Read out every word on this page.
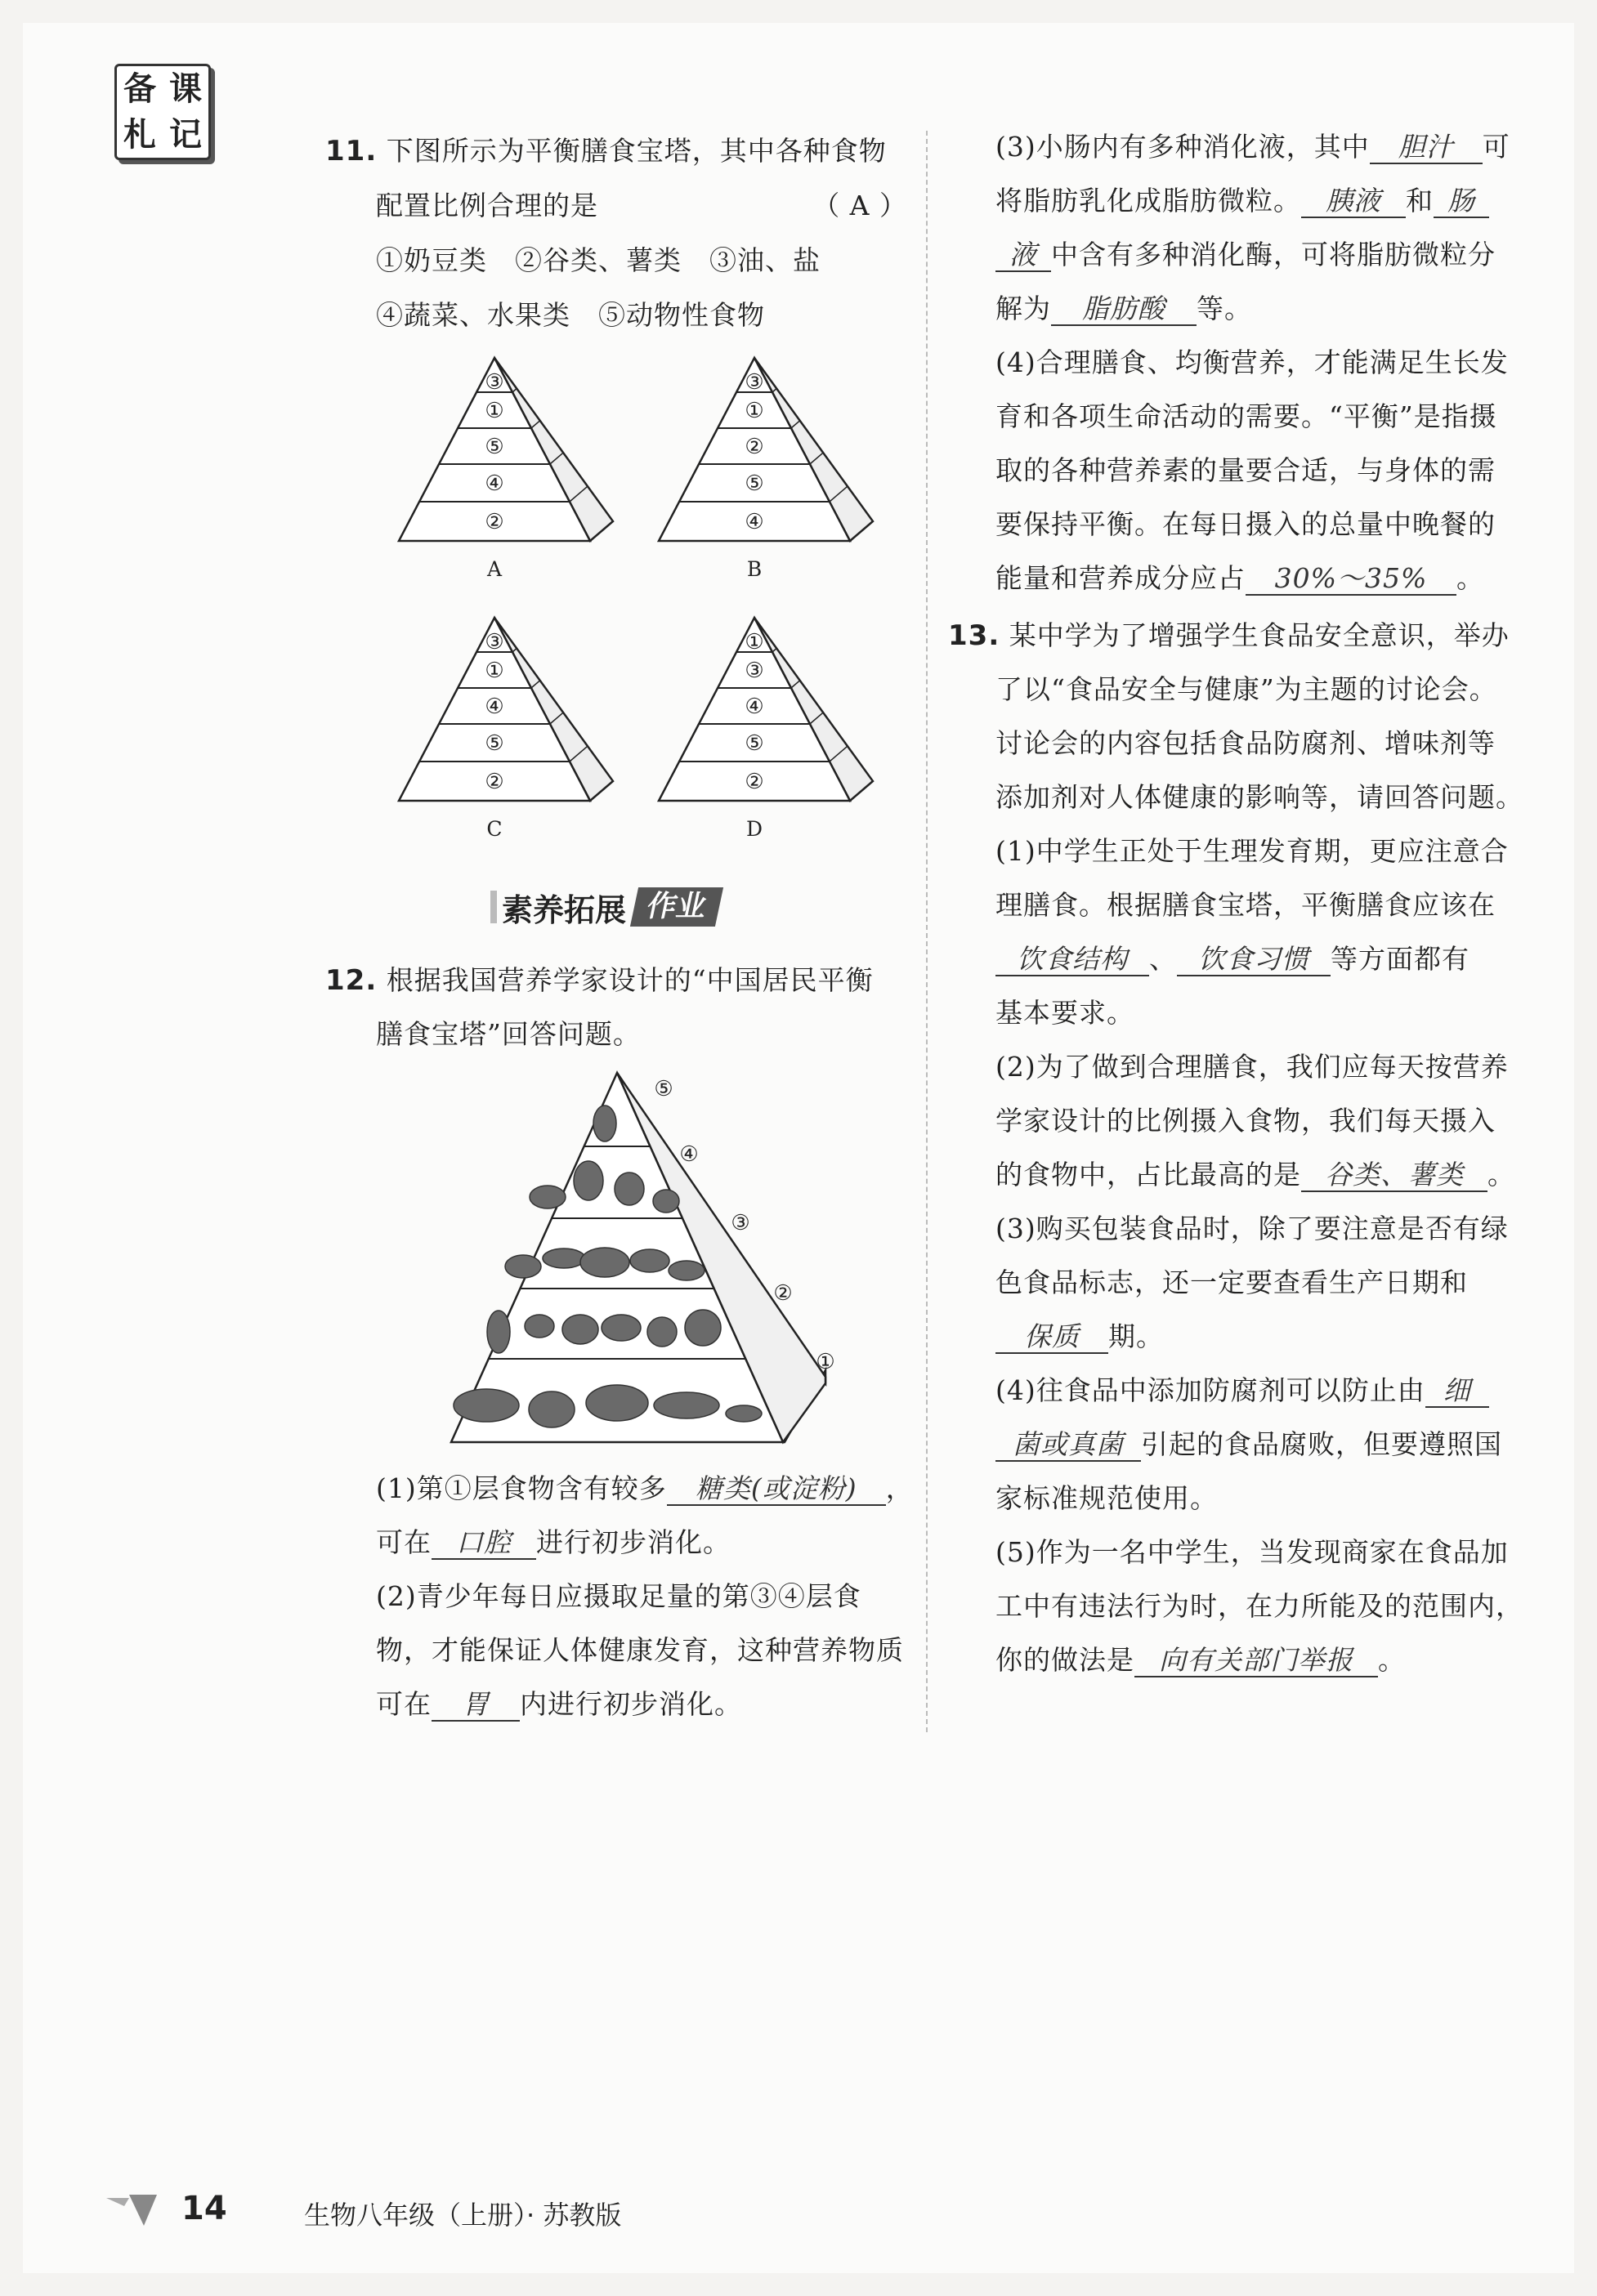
备 课
札 记	11. 下图所示为平衡膳食宝塔，其中各种食物
配置比例合理的是	（ A ）
①奶豆类　②谷类、薯类　③油、盐
④蔬菜、水果类　⑤动物性食物
③
①
⑤
④
②
A
③
①
②
⑤
④
B
③
①
④
⑤
②
C
①
③
④
⑤
②
D
素养拓展 作业
12. 根据我国营养学家设计的“中国居民平衡
膳食宝塔”回答问题。
⑤
④
③
②
①
(1)第①层食物含有较多 糖类(或淀粉) ，
可在 口腔 进行初步消化。
(2)青少年每日应摄取足量的第③④层食
物，才能保证人体健康发育，这种营养物质
可在 胃 内进行初步消化。
(3)小肠内有多种消化液，其中 胆汁 可
将脂肪乳化成脂肪微粒。 胰液 和 肠
液 中含有多种消化酶，可将脂肪微粒分
解为 脂肪酸 等。
(4)合理膳食、均衡营养，才能满足生长发
育和各项生命活动的需要。“平衡”是指摄
取的各种营养素的量要合适，与身体的需
要保持平衡。在每日摄入的总量中晚餐的
能量和营养成分应占 30%～35% 。
13. 某中学为了增强学生食品安全意识，举办
了以“食品安全与健康”为主题的讨论会。
讨论会的内容包括食品防腐剂、增味剂等
添加剂对人体健康的影响等，请回答问题。
(1)中学生正处于生理发育期，更应注意合
理膳食。根据膳食宝塔，平衡膳食应该在
饮食结构 、 饮食习惯 等方面都有
基本要求。
(2)为了做到合理膳食，我们应每天按营养
学家设计的比例摄入食物，我们每天摄入
的食物中，占比最高的是 谷类、薯类 。
(3)购买包装食品时，除了要注意是否有绿
色食品标志，还一定要查看生产日期和
保质 期。
(4)往食品中添加防腐剂可以防止由 细
菌或真菌 引起的食品腐败，但要遵照国
家标准规范使用。
(5)作为一名中学生，当发现商家在食品加
工中有违法行为时，在力所能及的范围内，
你的做法是 向有关部门举报 。
14	生物八年级（上册）· 苏教版
